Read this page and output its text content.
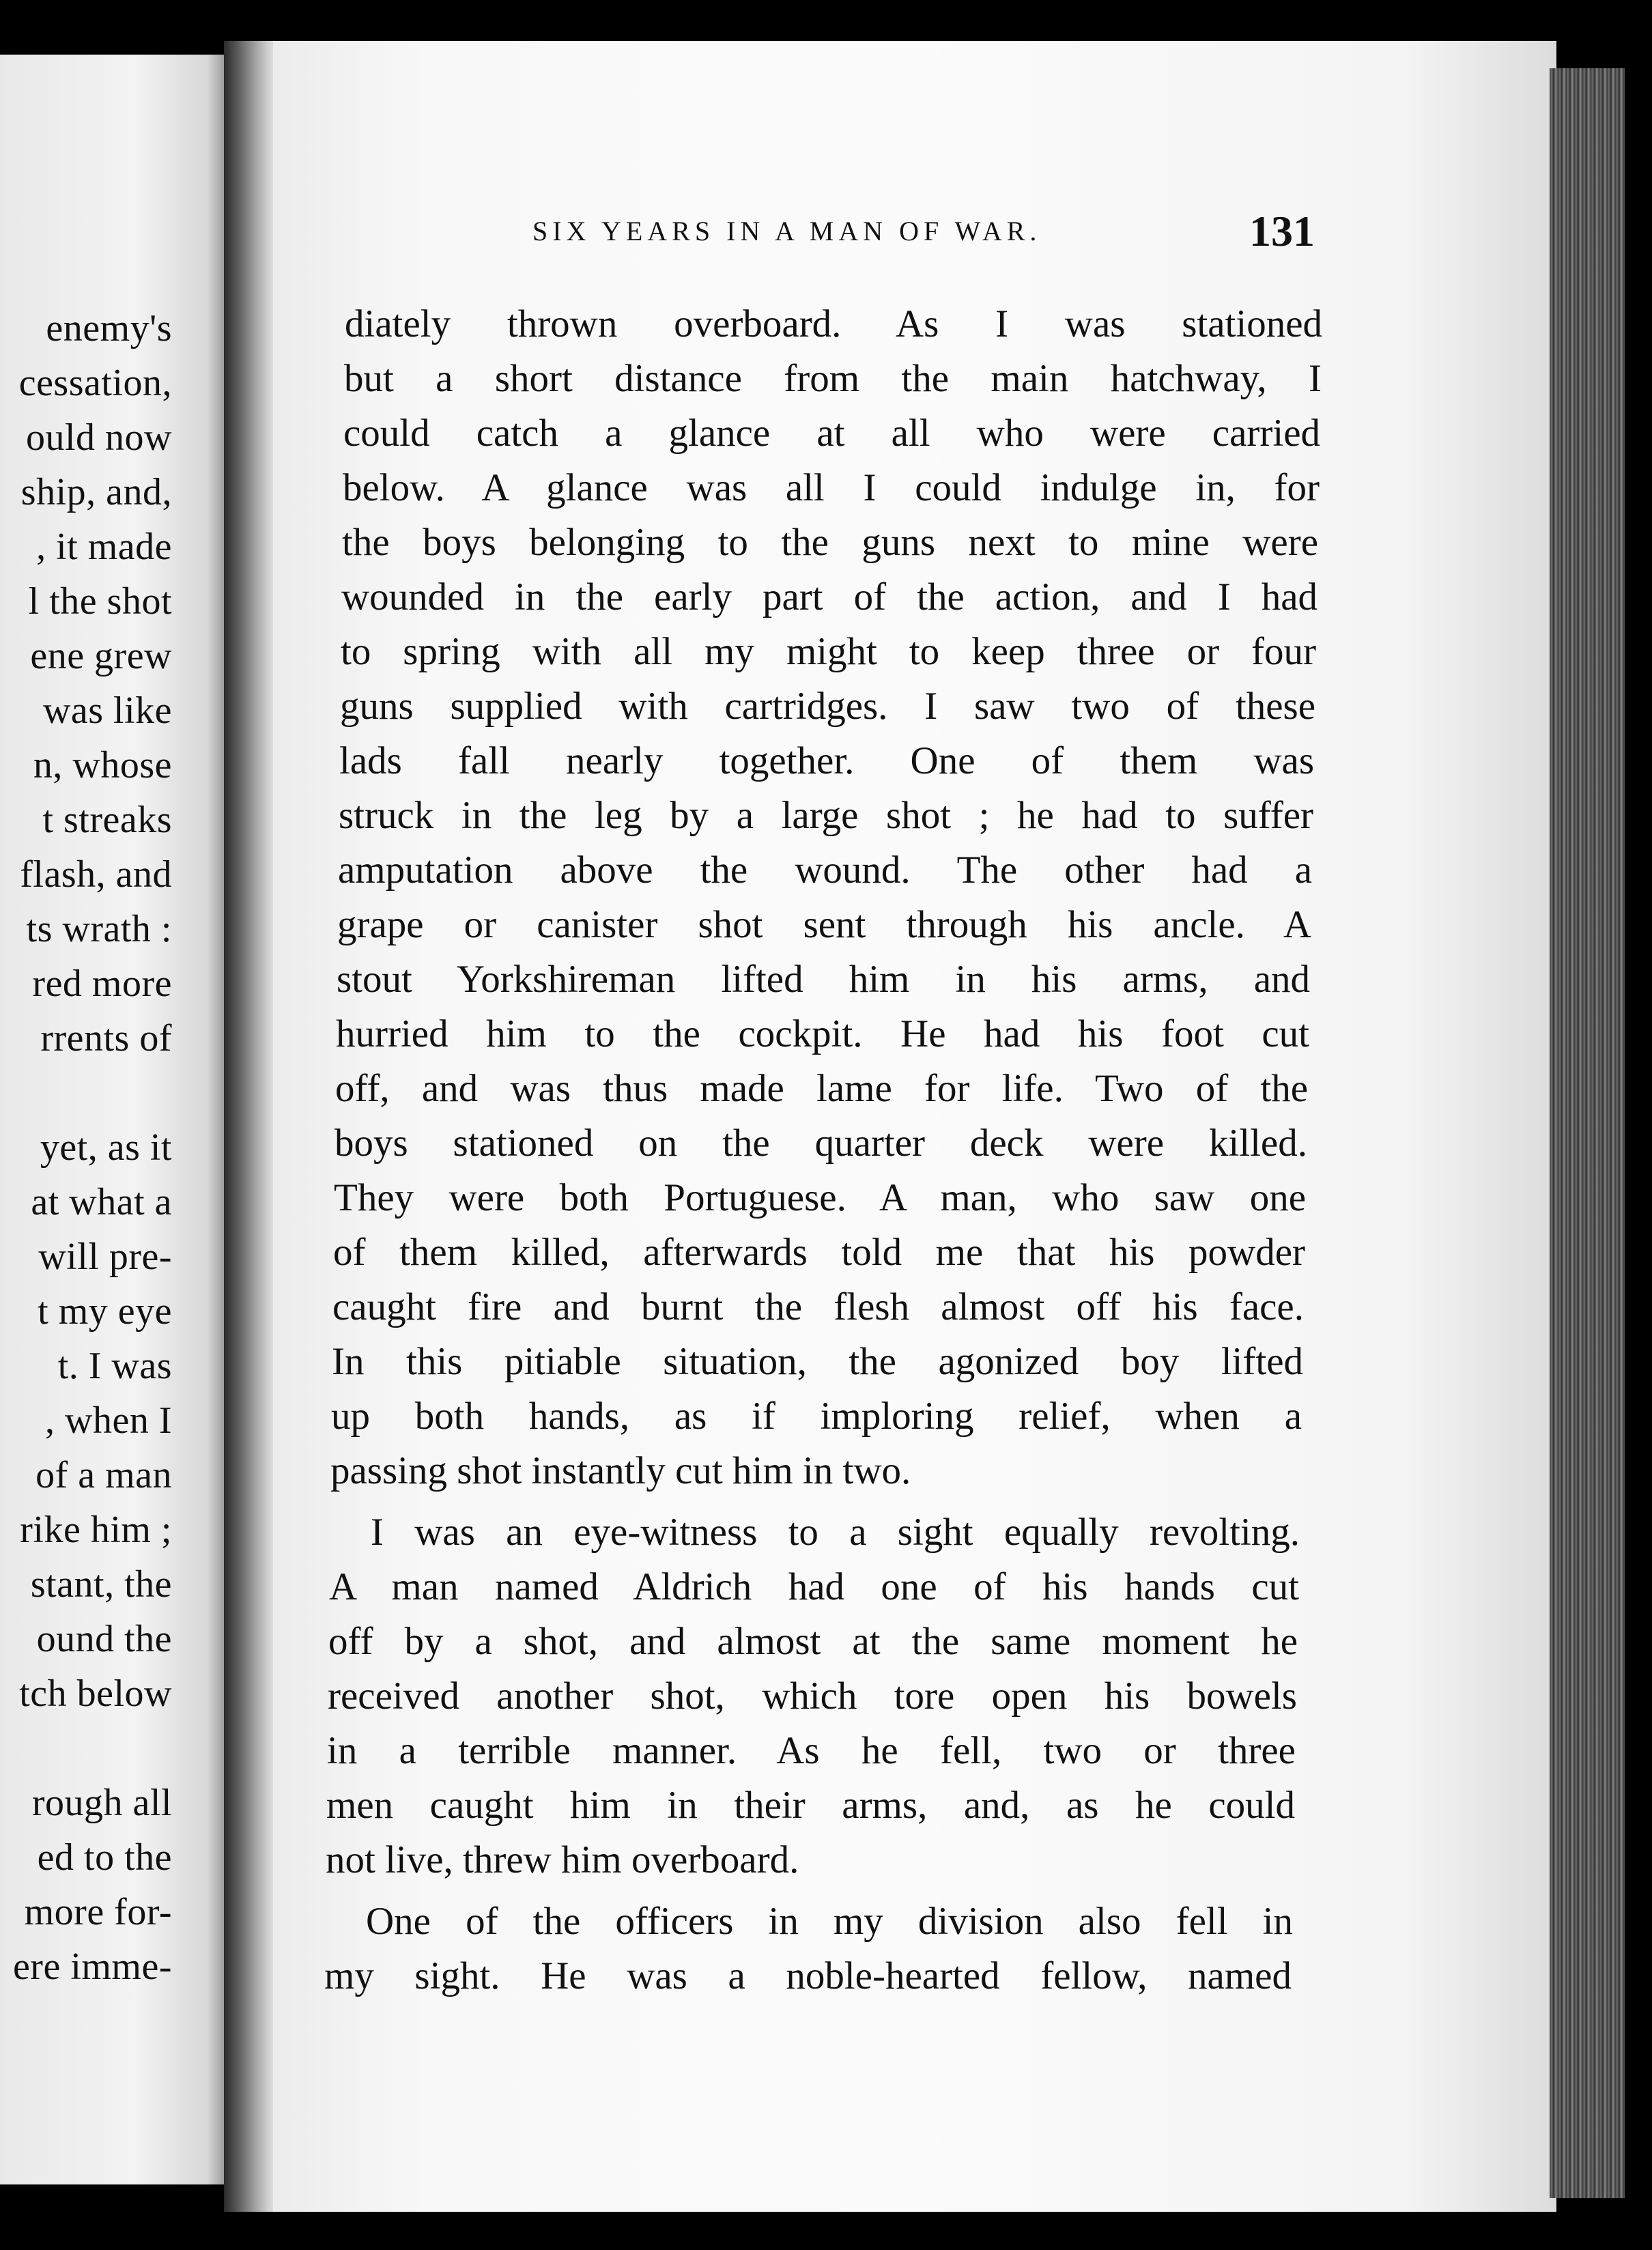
enemy's
cessation,
ould now
ship, and,
, it made
l the shot
ene grew
was like
n, whose
t streaks
flash, and
ts wrath :
red more
rrents of
yet, as it
at what a
will pre-
t my eye
t. I was
, when I
of a man
rike him ;
stant, the
ound the
tch below
rough all
ed to the
more for-
ere imme-
SIX YEARS IN A MAN OF WAR.	131
diately thrown overboard. As I was stationed
but a short distance from the main hatchway, I
could catch a glance at all who were carried
below. A glance was all I could indulge in, for
the boys belonging to the guns next to mine were
wounded in the early part of the action, and I had
to spring with all my might to keep three or four
guns supplied with cartridges. I saw two of these
lads fall nearly together. One of them was
struck in the leg by a large shot ; he had to suffer
amputation above the wound. The other had a
grape or canister shot sent through his ancle. A
stout Yorkshireman lifted him in his arms, and
hurried him to the cockpit. He had his foot cut
off, and was thus made lame for life. Two of the
boys stationed on the quarter deck were killed.
They were both Portuguese. A man, who saw one
of them killed, afterwards told me that his powder
caught fire and burnt the flesh almost off his face.
In this pitiable situation, the agonized boy lifted
up both hands, as if imploring relief, when a
passing shot instantly cut him in two.
I was an eye-witness to a sight equally revolting.
A man named Aldrich had one of his hands cut
off by a shot, and almost at the same moment he
received another shot, which tore open his bowels
in a terrible manner. As he fell, two or three
men caught him in their arms, and, as he could
not live, threw him overboard.
One of the officers in my division also fell in
my sight. He was a noble-hearted fellow, named
